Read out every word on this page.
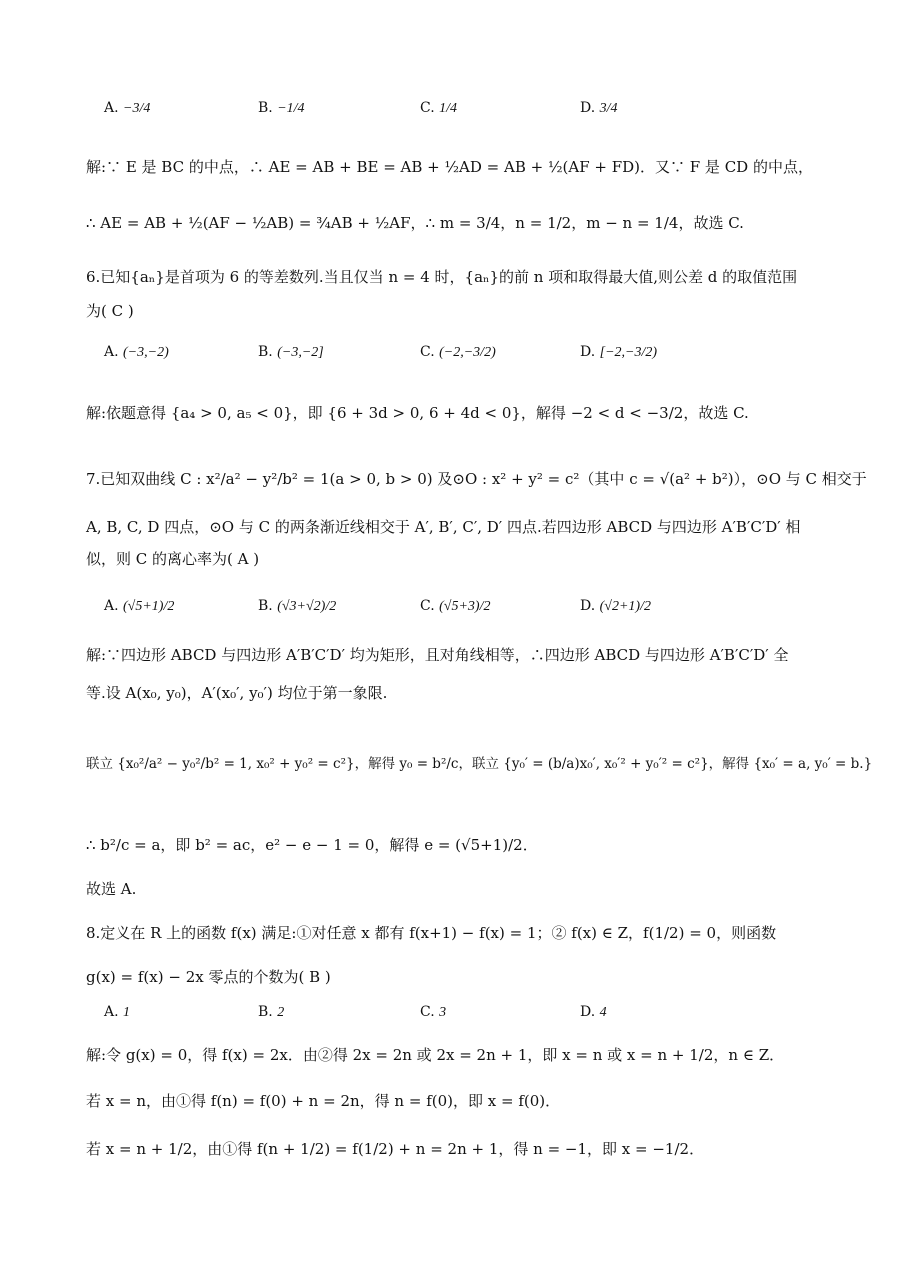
A. −3/4	B. −1/4	C. 1/4	D. 3/4
解:∵ E 是 BC 的中点，∴ AE = AB + BE = AB + ½AD = AB + ½(AF + FD)．又∵ F 是 CD 的中点，
∴ AE = AB + ½(AF − ½AB) = ¾AB + ½AF，∴ m = 3/4，n = 1/2，m − n = 1/4，故选 C.
6.已知{aₙ}是首项为 6 的等差数列.当且仅当 n = 4 时，{aₙ}的前 n 项和取得最大值,则公差 d 的取值范围
为( C )
A. (−3,−2)	B. (−3,−2]	C. (−2,−3/2)	D. [−2,−3/2)
解:依题意得 {a₄ > 0, a₅ < 0}，即 {6 + 3d > 0, 6 + 4d < 0}，解得 −2 < d < −3/2，故选 C.
7.已知双曲线 C : x²/a² − y²/b² = 1(a > 0, b > 0) 及⊙O : x² + y² = c²（其中 c = √(a² + b²)），⊙O 与 C 相交于
A, B, C, D 四点，⊙O 与 C 的两条渐近线相交于 A′, B′, C′, D′ 四点.若四边形 ABCD 与四边形 A′B′C′D′ 相
似，则 C 的离心率为( A )
A. (√5+1)/2	B. (√3+√2)/2	C. (√5+3)/2	D. (√2+1)/2
解:∵四边形 ABCD 与四边形 A′B′C′D′ 均为矩形，且对角线相等，∴四边形 ABCD 与四边形 A′B′C′D′ 全
等.设 A(x₀, y₀)，A′(x₀′, y₀′) 均位于第一象限.
联立 {x₀²/a² − y₀²/b² = 1, x₀² + y₀² = c²}，解得 y₀ = b²/c，联立 {y₀′ = (b/a)x₀′, x₀′² + y₀′² = c²}，解得 {x₀′ = a, y₀′ = b.}
∴ b²/c = a，即 b² = ac，e² − e − 1 = 0，解得 e = (√5+1)/2．
故选 A.
8.定义在 R 上的函数 f(x) 满足:①对任意 x 都有 f(x+1) − f(x) = 1；② f(x) ∈ Z，f(1/2) = 0，则函数
g(x) = f(x) − 2x 零点的个数为( B )
A. 1	B. 2	C. 3	D. 4
解:令 g(x) = 0，得 f(x) = 2x．由②得 2x = 2n 或 2x = 2n + 1，即 x = n 或 x = n + 1/2，n ∈ Z．
若 x = n，由①得 f(n) = f(0) + n = 2n，得 n = f(0)，即 x = f(0)．
若 x = n + 1/2，由①得 f(n + 1/2) = f(1/2) + n = 2n + 1，得 n = −1，即 x = −1/2．
